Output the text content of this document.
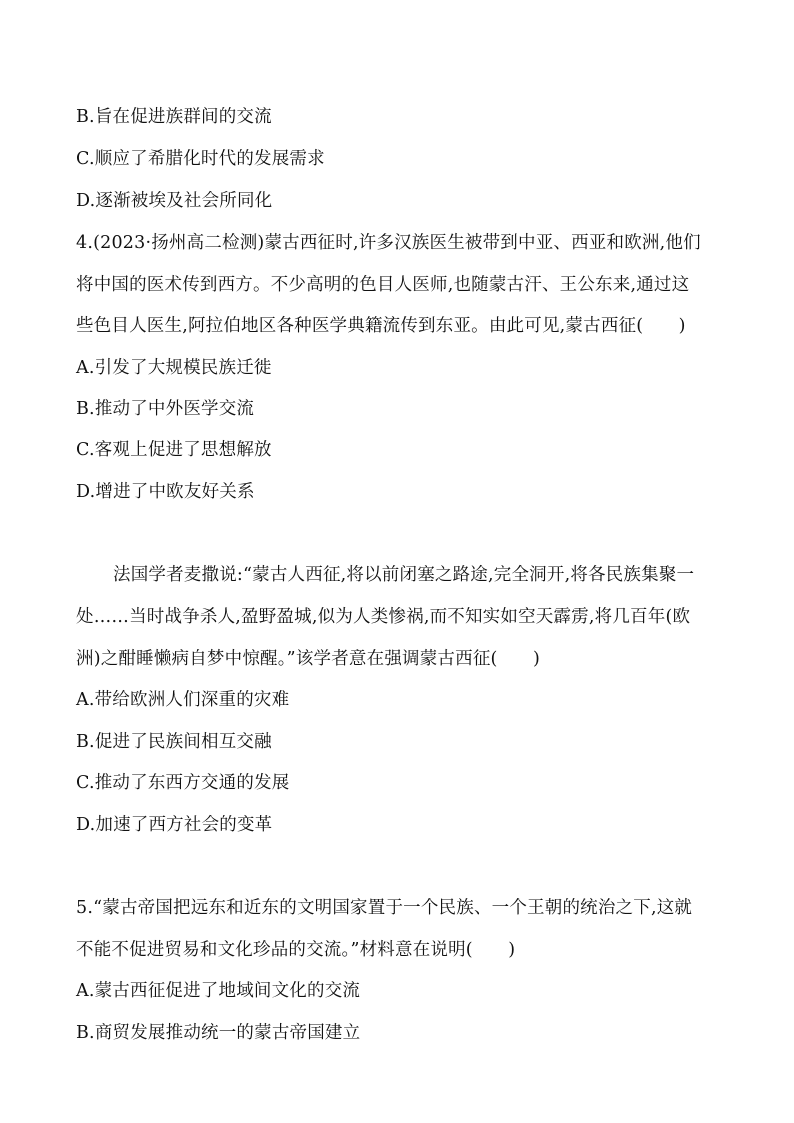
B.旨在促进族群间的交流
C.顺应了希腊化时代的发展需求
D.逐渐被埃及社会所同化
4.(2023·扬州高二检测)蒙古西征时,许多汉族医生被带到中亚、西亚和欧洲,他们
将中国的医术传到西方。不少高明的色目人医师,也随蒙古汗、王公东来,通过这
些色目人医生,阿拉伯地区各种医学典籍流传到东亚。由此可见,蒙古西征(　　)
A.引发了大规模民族迁徙
B.推动了中外医学交流
C.客观上促进了思想解放
D.增进了中欧友好关系
法国学者麦撒说:“蒙古人西征,将以前闭塞之路途,完全洞开,将各民族集聚一
处……当时战争杀人,盈野盈城,似为人类惨祸,而不知实如空天霹雳,将几百年(欧
洲)之酣睡懒病自梦中惊醒。”该学者意在强调蒙古西征(　　)
A.带给欧洲人们深重的灾难
B.促进了民族间相互交融
C.推动了东西方交通的发展
D.加速了西方社会的变革
5.“蒙古帝国把远东和近东的文明国家置于一个民族、一个王朝的统治之下,这就
不能不促进贸易和文化珍品的交流。”材料意在说明(　　)
A.蒙古西征促进了地域间文化的交流
B.商贸发展推动统一的蒙古帝国建立
